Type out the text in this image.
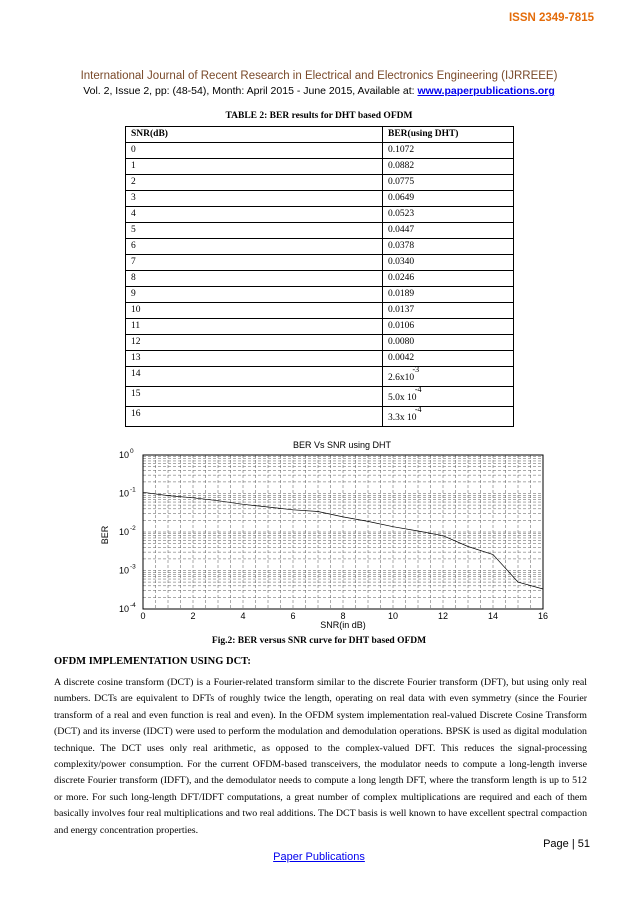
ISSN 2349-7815
International Journal of Recent Research in Electrical and Electronics Engineering (IJRREEE)
Vol. 2, Issue 2, pp: (48-54), Month: April 2015 - June 2015, Available at: www.paperpublications.org
TABLE 2: BER results for DHT based OFDM
SNR(dB)	BER(using DHT)
0	0.1072
1	0.0882
2	0.0775
3	0.0649
4	0.0523
5	0.0447
6	0.0378
7	0.0340
8	0.0246
9	0.0189
10	0.0137
11	0.0106
12	0.0080
13	0.0042
14	2.6x10
-3

15	5.0x 10
-4

16	3.3x 10
-4
BER Vs SNR using DHT
0	2	4	6	8	10	12	14	16
10 0
10 -1
10 -2
10 -3
10 -4
SNR(in dB)
BER
Fig.2: BER versus SNR curve for DHT based OFDM
OFDM IMPLEMENTATION USING DCT:
A discrete cosine transform (DCT) is a Fourier-related transform similar to the discrete Fourier transform (DFT), but using only real numbers. DCTs are equivalent to DFTs of roughly twice the length, operating on real data with even symmetry (since the Fourier transform of a real and even function is real and even). In the OFDM system implementation real-valued Discrete Cosine Transform (DCT) and its inverse (IDCT) were used to perform the modulation and demodulation operations. BPSK is used as digital modulation technique. The DCT uses only real arithmetic, as opposed to the complex-valued DFT. This reduces the signal-processing complexity/power consumption. For the current OFDM-based transceivers, the modulator needs to compute a long-length inverse discrete Fourier transform (IDFT), and the demodulator needs to compute a long length DFT, where the transform length is up to 512 or more. For such long-length DFT/IDFT computations, a great number of complex multiplications are required and each of them basically involves four real multiplications and two real additions. The DCT basis is well known to have excellent spectral compaction and energy concentration properties.
Page | 51
Paper Publications
